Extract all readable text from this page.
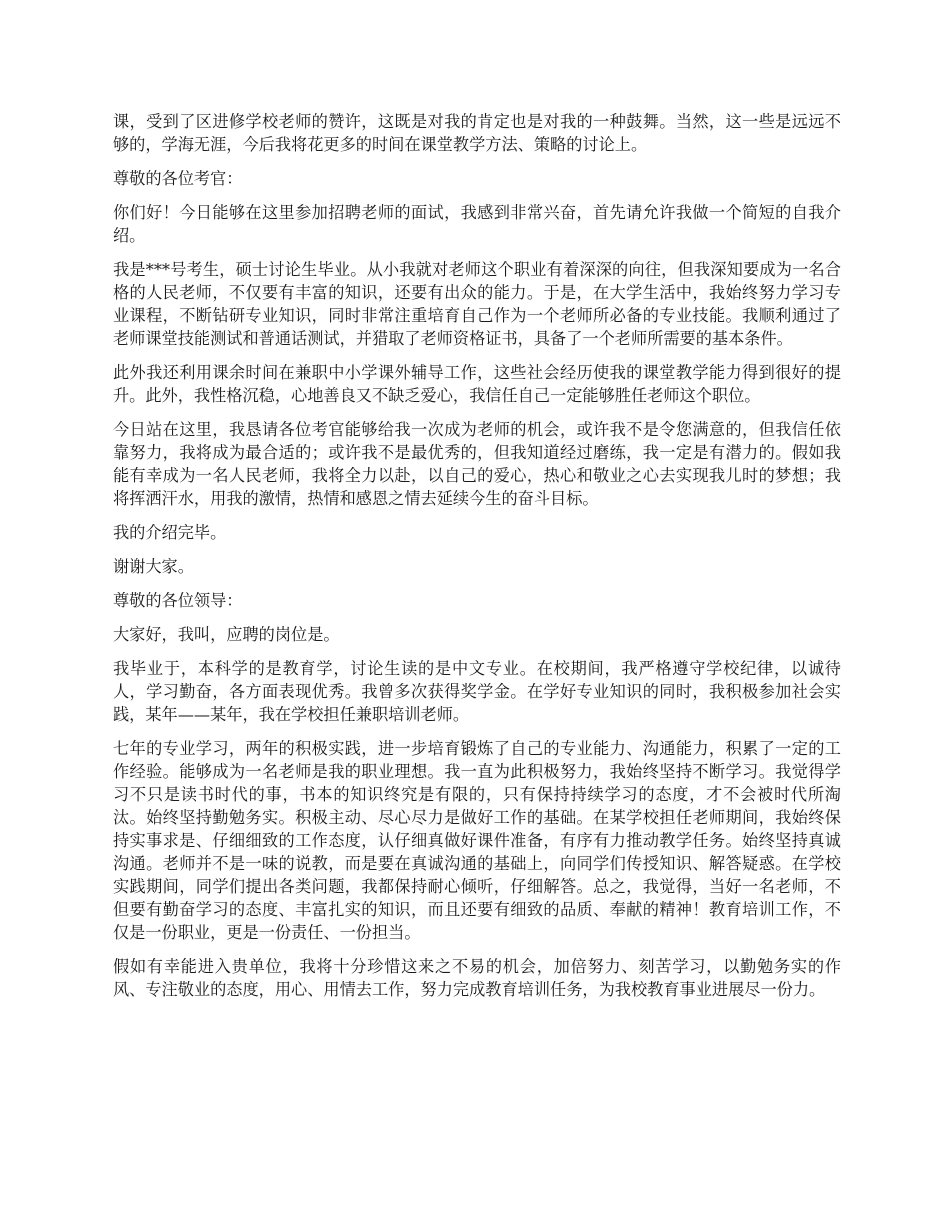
课，受到了区进修学校老师的赞许，这既是对我的肯定也是对我的一种鼓舞。当然，这一些是远远不够的，学海无涯，今后我将花更多的时间在课堂教学方法、策略的讨论上。

尊敬的各位考官：

你们好！今日能够在这里参加招聘老师的面试，我感到非常兴奋，首先请允许我做一个简短的自我介绍。

我是***号考生，硕士讨论生毕业。从小我就对老师这个职业有着深深的向往，但我深知要成为一名合格的人民老师，不仅要有丰富的知识，还要有出众的能力。于是，在大学生活中，我始终努力学习专业课程，不断钻研专业知识，同时非常注重培育自己作为一个老师所必备的专业技能。我顺利通过了老师课堂技能测试和普通话测试，并猎取了老师资格证书，具备了一个老师所需要的基本条件。

此外我还利用课余时间在兼职中小学课外辅导工作，这些社会经历使我的课堂教学能力得到很好的提升。此外，我性格沉稳，心地善良又不缺乏爱心，我信任自己一定能够胜任老师这个职位。

今日站在这里，我恳请各位考官能够给我一次成为老师的机会，或许我不是令您满意的，但我信任依靠努力，我将成为最合适的；或许我不是最优秀的，但我知道经过磨练，我一定是有潜力的。假如我能有幸成为一名人民老师，我将全力以赴，以自己的爱心，热心和敬业之心去实现我儿时的梦想；我将挥洒汗水，用我的激情，热情和感恩之情去延续今生的奋斗目标。

我的介绍完毕。

谢谢大家。

尊敬的各位领导：

大家好，我叫，应聘的岗位是。

我毕业于，本科学的是教育学，讨论生读的是中文专业。在校期间，我严格遵守学校纪律，以诚待人，学习勤奋，各方面表现优秀。我曾多次获得奖学金。在学好专业知识的同时，我积极参加社会实践，某年——某年，我在学校担任兼职培训老师。

七年的专业学习，两年的积极实践，进一步培育锻炼了自己的专业能力、沟通能力，积累了一定的工作经验。能够成为一名老师是我的职业理想。我一直为此积极努力，我始终坚持不断学习。我觉得学习不只是读书时代的事，书本的知识终究是有限的，只有保持持续学习的态度，才不会被时代所淘汰。始终坚持勤勉务实。积极主动、尽心尽力是做好工作的基础。在某学校担任老师期间，我始终保持实事求是、仔细细致的工作态度，认仔细真做好课件准备，有序有力推动教学任务。始终坚持真诚沟通。老师并不是一味的说教，而是要在真诚沟通的基础上，向同学们传授知识、解答疑惑。在学校实践期间，同学们提出各类问题，我都保持耐心倾听，仔细解答。总之，我觉得，当好一名老师，不但要有勤奋学习的态度、丰富扎实的知识，而且还要有细致的品质、奉献的精神！教育培训工作，不仅是一份职业，更是一份责任、一份担当。

假如有幸能进入贵单位，我将十分珍惜这来之不易的机会，加倍努力、刻苦学习，以勤勉务实的作风、专注敬业的态度，用心、用情去工作，努力完成教育培训任务，为我校教育事业进展尽一份力。
